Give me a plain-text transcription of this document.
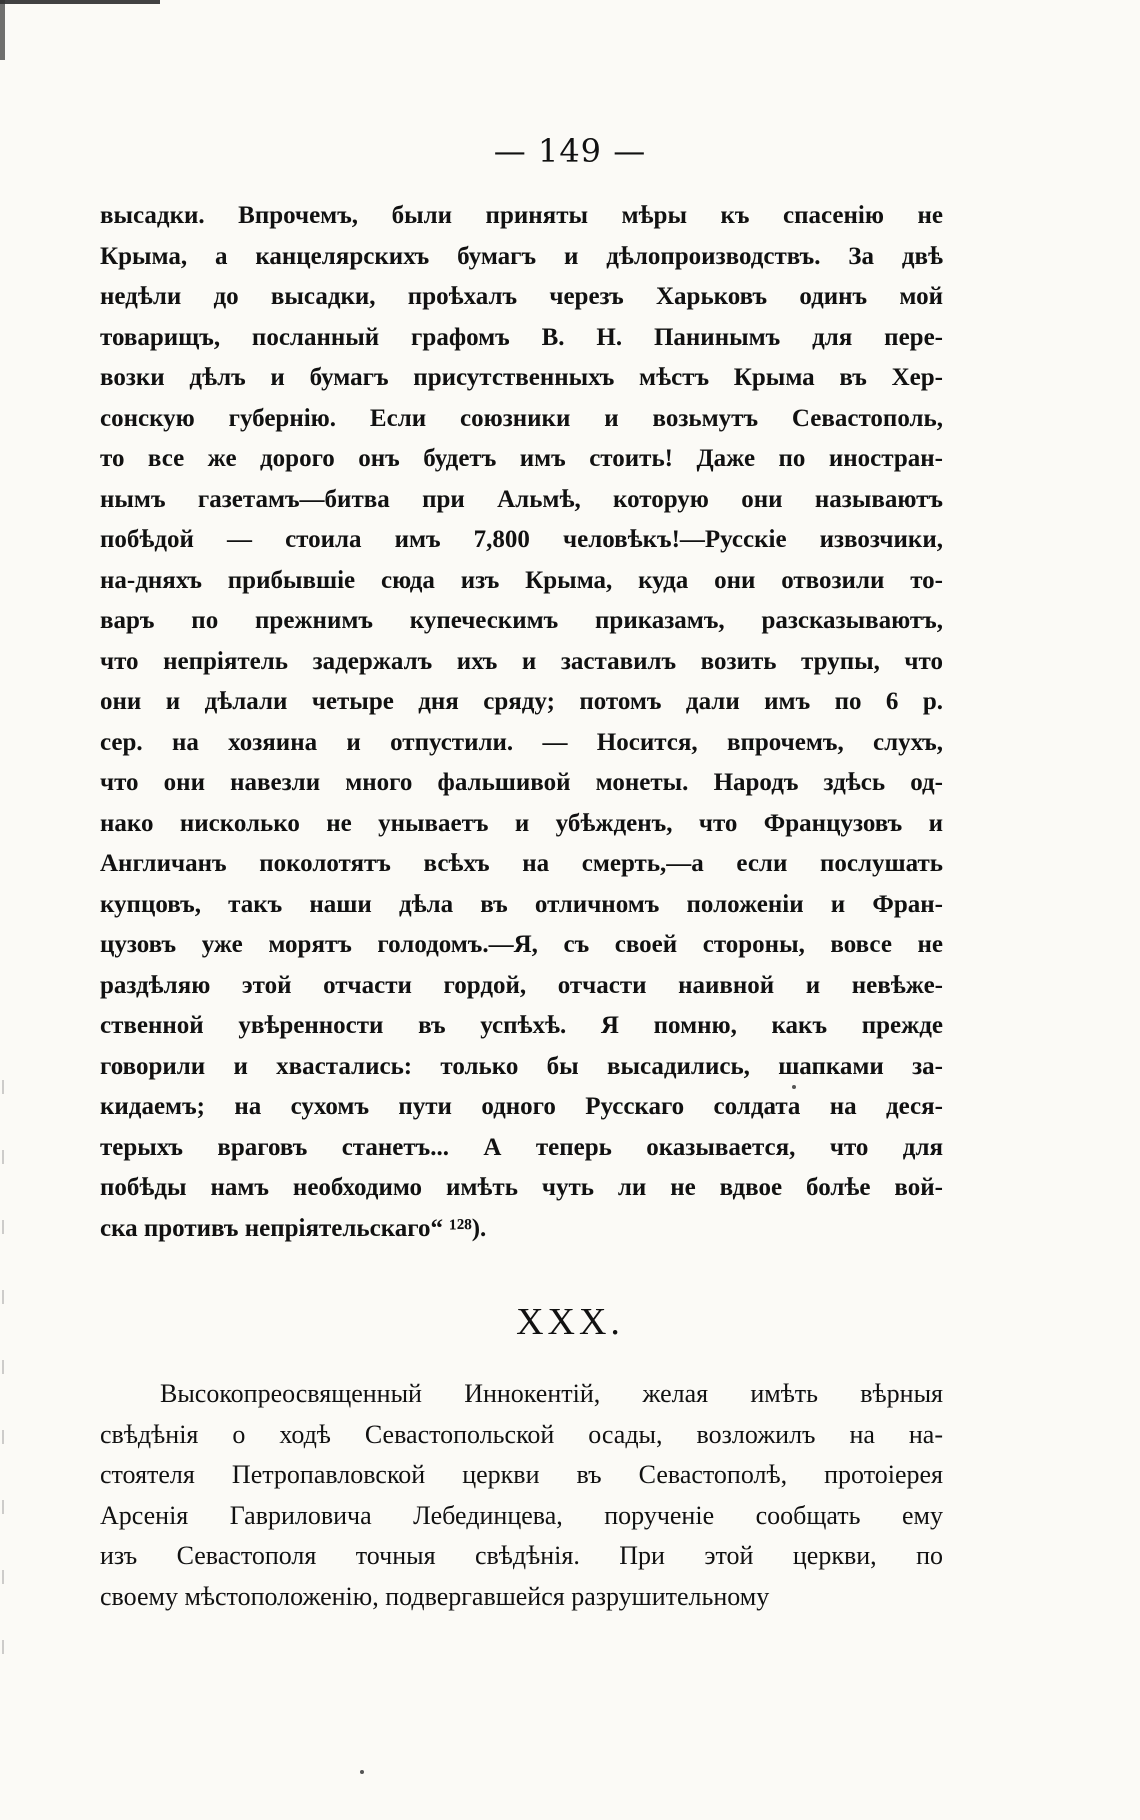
— 149 —
высадки. Впрочемъ, были приняты мѣры къ спасенію не
Крыма, а канцелярскихъ бумагъ и дѣлопроизводствъ. За двѣ
недѣли до высадки, проѣхалъ черезъ Харьковъ одинъ мой
товарищъ, посланный графомъ В. Н. Панинымъ для пере-
возки дѣлъ и бумагъ присутственныхъ мѣстъ Крыма въ Хер-
сонскую губернію. Если союзники и возьмутъ Севастополь,
то все же дорого онъ будетъ имъ стоить! Даже по иностран-
нымъ газетамъ—битва при Альмѣ, которую они называютъ
побѣдой — стоила имъ 7,800 человѣкъ!—Русскіе извозчики,
на-дняхъ прибывшіе сюда изъ Крыма, куда они отвозили то-
варъ по прежнимъ купеческимъ приказамъ, разсказываютъ,
что непріятель задержалъ ихъ и заставилъ возить трупы, что
они и дѣлали четыре дня сряду; потомъ дали имъ по 6 р.
сер. на хозяина и отпустили. — Носится, впрочемъ, слухъ,
что они навезли много фальшивой монеты. Народъ здѣсь од-
нако нисколько не унываетъ и убѣжденъ, что Французовъ и
Англичанъ поколотятъ всѣхъ на смерть,—а если послушать
купцовъ, такъ наши дѣла въ отличномъ положеніи и Фран-
цузовъ уже морятъ голодомъ.—Я, съ своей стороны, вовсе не
раздѣляю этой отчасти гордой, отчасти наивной и невѣже-
ственной увѣренности въ успѣхѣ. Я помню, какъ прежде
говорили и хвастались: только бы высадились, шапками за-
кидаемъ; на сухомъ пути одного Русскаго солдата на деся-
терыхъ враговъ станетъ... А теперь оказывается, что для
побѣды намъ необходимо имѣть чуть ли не вдвое болѣе вой-
ска противъ непріятельскаго“ ¹²⁸).
XXX.
Высокопреосвященный Иннокентій, желая имѣть вѣрныя
свѣдѣнія о ходѣ Севастопольской осады, возложилъ на на-
стоятеля Петропавловской церкви въ Севастополѣ, протоіерея
Арсенія Гавриловича Лебединцева, порученіе сообщать ему
изъ Севастополя точныя свѣдѣнія. При этой церкви, по
своему мѣстоположенію, подвергавшейся разрушительному
